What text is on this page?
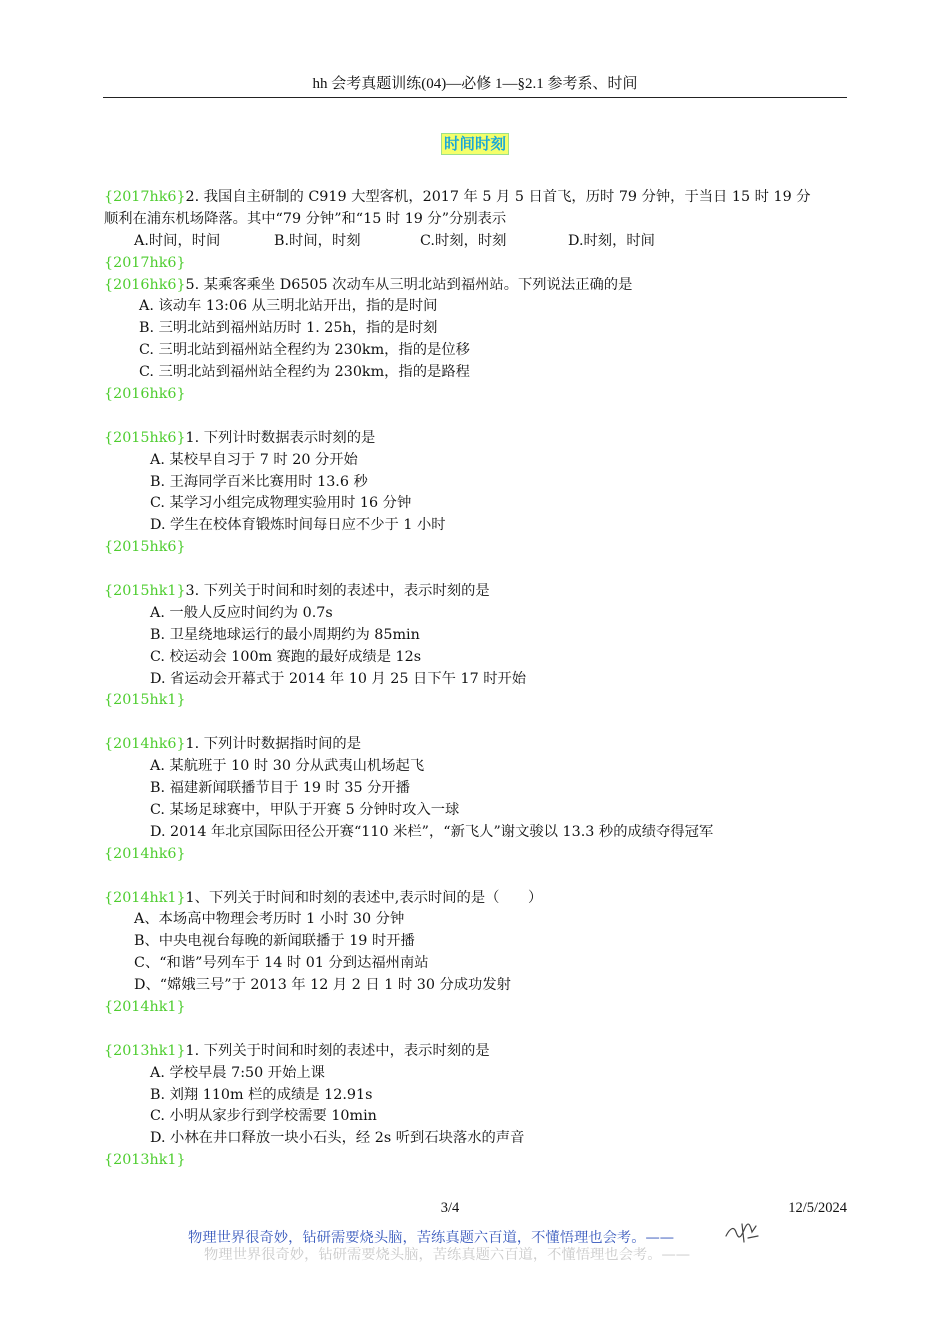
hh 会考真题训练(04)—必修 1—§2.1 参考系、时间
时间时刻
{2017hk6}2. 我国自主研制的 C919 大型客机，2017 年 5 月 5 日首飞，历时 79 分钟，于当日 15 时 19 分
顺利在浦东机场降落。其中“79 分钟”和“15 时 19 分”分别表示
A.时间，时间	B.时间，时刻	C.时刻，时刻	D.时刻，时间
{2017hk6}
{2016hk6}5. 某乘客乘坐 D6505 次动车从三明北站到福州站。下列说法正确的是
A. 该动车 13:06 从三明北站开出，指的是时间
B. 三明北站到福州站历时 1. 25h，指的是时刻
C. 三明北站到福州站全程约为 230km，指的是位移
C. 三明北站到福州站全程约为 230km，指的是路程
{2016hk6}
{2015hk6}1. 下列计时数据表示时刻的是
A. 某校早自习于 7 时 20 分开始
B. 王海同学百米比赛用时 13.6 秒
C. 某学习小组完成物理实验用时 16 分钟
D. 学生在校体育锻炼时间每日应不少于 1 小时
{2015hk6}
{2015hk1}3. 下列关于时间和时刻的表述中，表示时刻的是
A. 一般人反应时间约为 0.7s
B. 卫星绕地球运行的最小周期约为 85min
C. 校运动会 100m 赛跑的最好成绩是 12s
D. 省运动会开幕式于 2014 年 10 月 25 日下午 17 时开始
{2015hk1}
{2014hk6}1. 下列计时数据指时间的是
A. 某航班于 10 时 30 分从武夷山机场起飞
B. 福建新闻联播节目于 19 时 35 分开播
C. 某场足球赛中，甲队于开赛 5 分钟时攻入一球
D. 2014 年北京国际田径公开赛“110 米栏”，“新飞人”谢文骏以 13.3 秒的成绩夺得冠军
{2014hk6}
{2014hk1}1、下列关于时间和时刻的表述中,表示时间的是（　　）
A、本场高中物理会考历时 1 小时 30 分钟
B、中央电视台每晚的新闻联播于 19 时开播
C、“和谐”号列车于 14 时 01 分到达福州南站
D、“嫦娥三号”于 2013 年 12 月 2 日 1 时 30 分成功发射
{2014hk1}
{2013hk1}1. 下列关于时间和时刻的表述中，表示时刻的是
A. 学校早晨 7:50 开始上课
B. 刘翔 110m 栏的成绩是 12.91s
C. 小明从家步行到学校需要 10min
D. 小林在井口释放一块小石头，经 2s 听到石块落水的声音
{2013hk1}
3/4	12/5/2024
物理世界很奇妙，钻研需要烧头脑，苦练真题六百道，不懂悟理也会考。——
物理世界很奇妙，钻研需要烧头脑，苦练真题六百道，不懂悟理也会考。——
